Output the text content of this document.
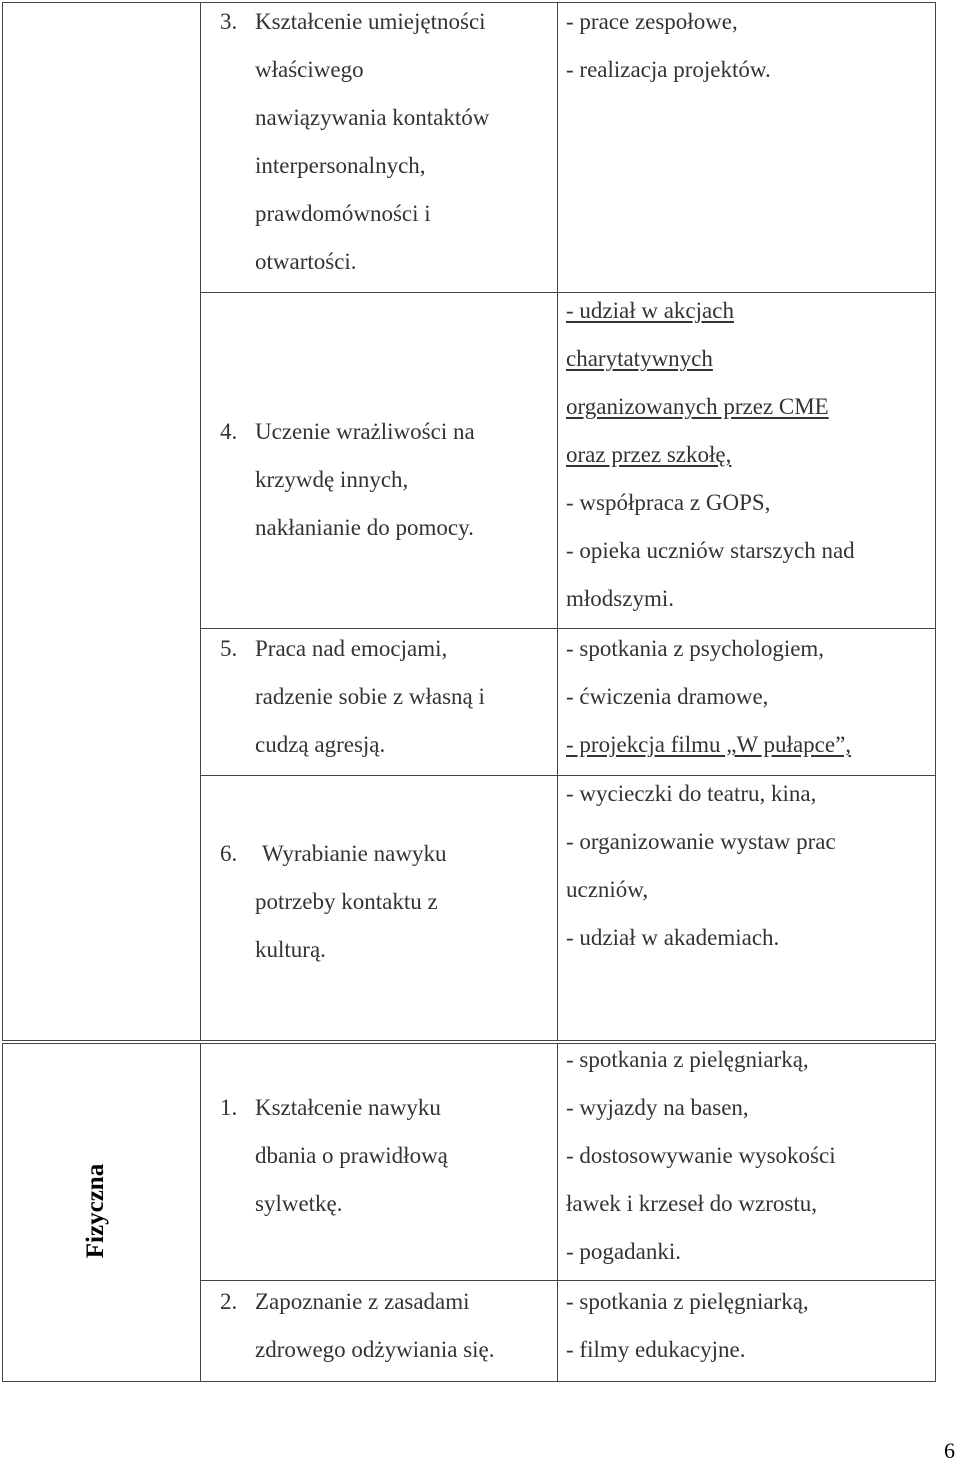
3. Kształcenie umiejętności
właściwego
nawiązywania kontaktów
interpersonalnych,
prawdomówności i
otwartości.
- prace zespołowe,
- realizacja projektów.
4. Uczenie wrażliwości na
krzywdę innych,
nakłanianie do pomocy.
- udział w akcjach
charytatywnych
organizowanych przez CME
oraz przez szkołę,
- współpraca z GOPS,
- opieka uczniów starszych nad
młodszymi.
5. Praca nad emocjami,
radzenie sobie z własną i
cudzą agresją.
- spotkania z psychologiem,
- ćwiczenia dramowe,
- projekcja filmu „W pułapce”,
6. Wyrabianie nawyku
potrzeby kontaktu z
kulturą.
- wycieczki do teatru, kina,
- organizowanie wystaw prac
uczniów,
- udział w akademiach.
Fizyczna
1. Kształcenie nawyku
dbania o prawidłową
sylwetkę.
- spotkania z pielęgniarką,
- wyjazdy na basen,
- dostosowywanie wysokości
ławek i krzeseł do wzrostu,
- pogadanki.
2. Zapoznanie z zasadami
zdrowego odżywiania się.
- spotkania z pielęgniarką,
- filmy edukacyjne.
6
